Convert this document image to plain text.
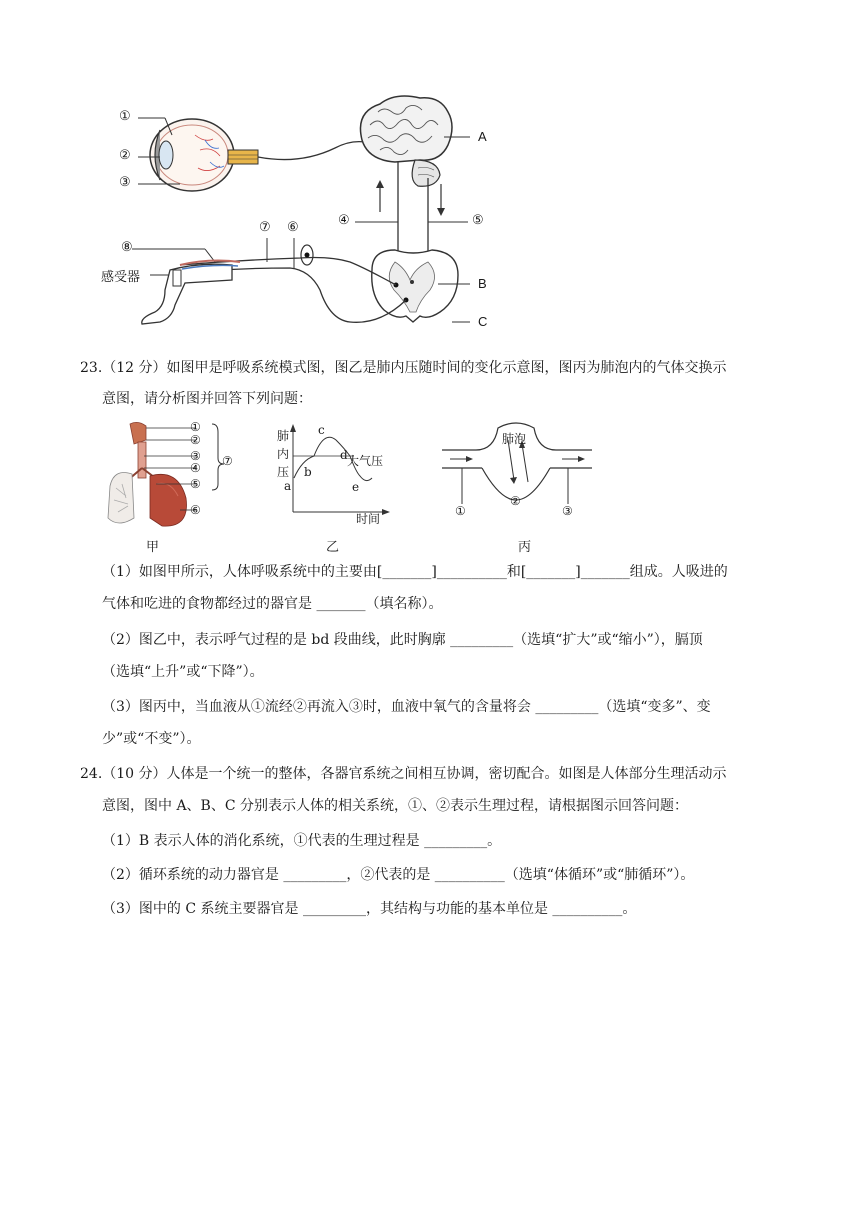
①
②
③
A
④	⑤
⑦ ⑥
⑧
感受器	B
C
23.（12 分）如图甲是呼吸系统模式图，图乙是肺内压随时间的变化示意图，图丙为肺泡内的气体交换示
意图，请分析图并回答下列问题：
①
②
③
④
⑤
⑥
⑦
甲
肺
内
压
a
b
c
d
e
大气压
时间
乙
肺泡
①
②
③
丙
（1）如图甲所示，人体呼吸系统中的主要由[_______]__________和[_______]_______组成。人吸进的
气体和吃进的食物都经过的器官是 _______（填名称）。
（2）图乙中，表示呼气过程的是 bd 段曲线，此时胸廓 _________（选填“扩大”或“缩小”），膈顶
（选填“上升”或“下降”）。
（3）图丙中，当血液从①流经②再流入③时，血液中氧气的含量将会 _________（选填“变多”、变
少”或“不变”）。
24.（10 分）人体是一个统一的整体，各器官系统之间相互协调，密切配合。如图是人体部分生理活动示
意图，图中 A、B、C 分别表示人体的相关系统，①、②表示生理过程，请根据图示回答问题：
（1）B 表示人体的消化系统，①代表的生理过程是 _________。
（2）循环系统的动力器官是 _________，②代表的是 __________（选填“体循环”或“肺循环”）。
（3）图中的 C 系统主要器官是 _________，其结构与功能的基本单位是 __________。
